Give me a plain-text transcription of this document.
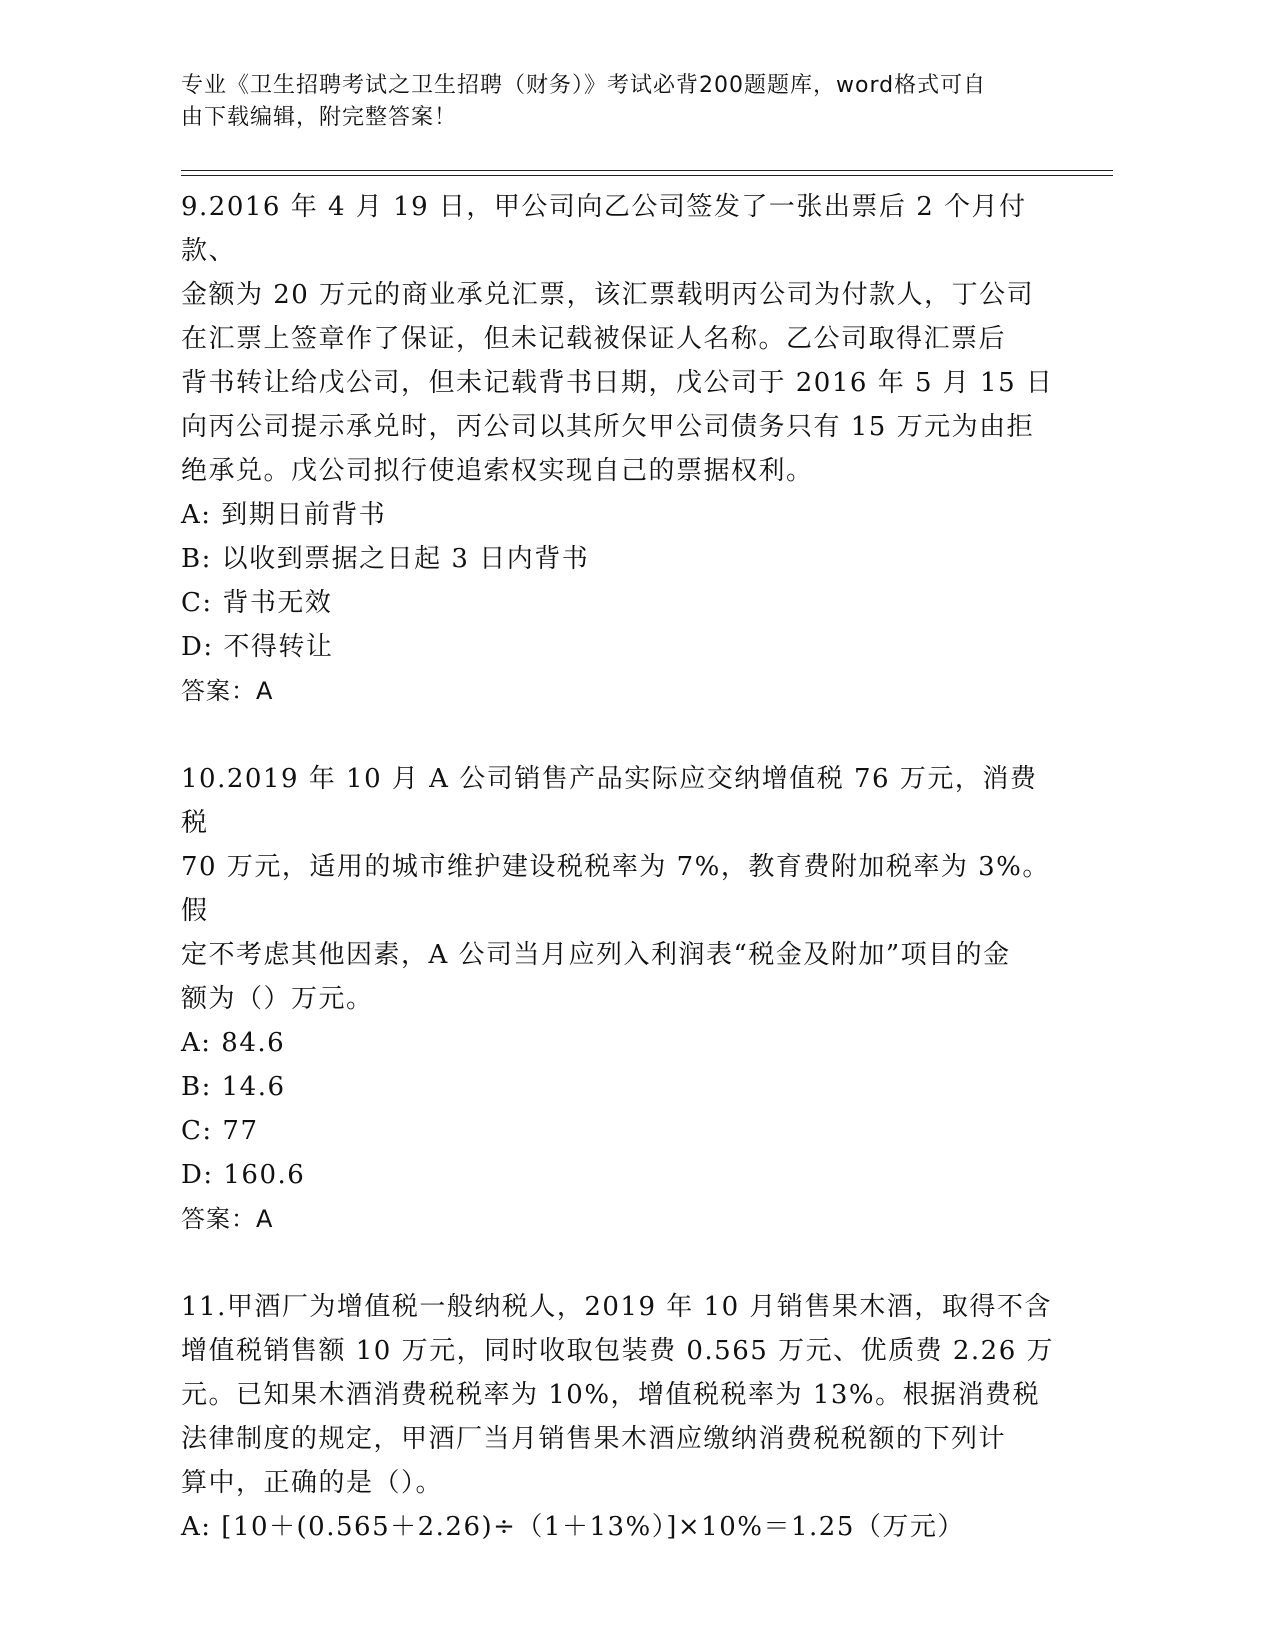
专业《卫生招聘考试之卫生招聘（财务）》考试必背200题题库，word格式可自
由下载编辑，附完整答案！
9.2016 年 4 月 19 日，甲公司向乙公司签发了一张出票后 2 个月付款、
金额为 20 万元的商业承兑汇票，该汇票载明丙公司为付款人，丁公司
在汇票上签章作了保证，但未记载被保证人名称。乙公司取得汇票后
背书转让给戊公司，但未记载背书日期，戊公司于 2016 年 5 月 15 日
向丙公司提示承兑时，丙公司以其所欠甲公司债务只有 15 万元为由拒
绝承兑。戊公司拟行使追索权实现自己的票据权利。
A: 到期日前背书
B: 以收到票据之日起 3 日内背书
C: 背书无效
D: 不得转让
答案：A
10.2019 年 10 月 A 公司销售产品实际应交纳增值税 76 万元，消费税
70 万元，适用的城市维护建设税税率为 7%，教育费附加税率为 3%。假
定不考虑其他因素，A 公司当月应列入利润表“税金及附加”项目的金
额为（）万元。
A: 84.6
B: 14.6
C: 77
D: 160.6
答案：A
11.甲酒厂为增值税一般纳税人，2019 年 10 月销售果木酒，取得不含
增值税销售额 10 万元，同时收取包装费 0.565 万元、优质费 2.26 万
元。已知果木酒消费税税率为 10%，增值税税率为 13%。根据消费税
法律制度的规定，甲酒厂当月销售果木酒应缴纳消费税税额的下列计
算中，正确的是（）。
A: [10＋(0.565＋2.26)÷（1＋13%）]×10%＝1.25（万元）
